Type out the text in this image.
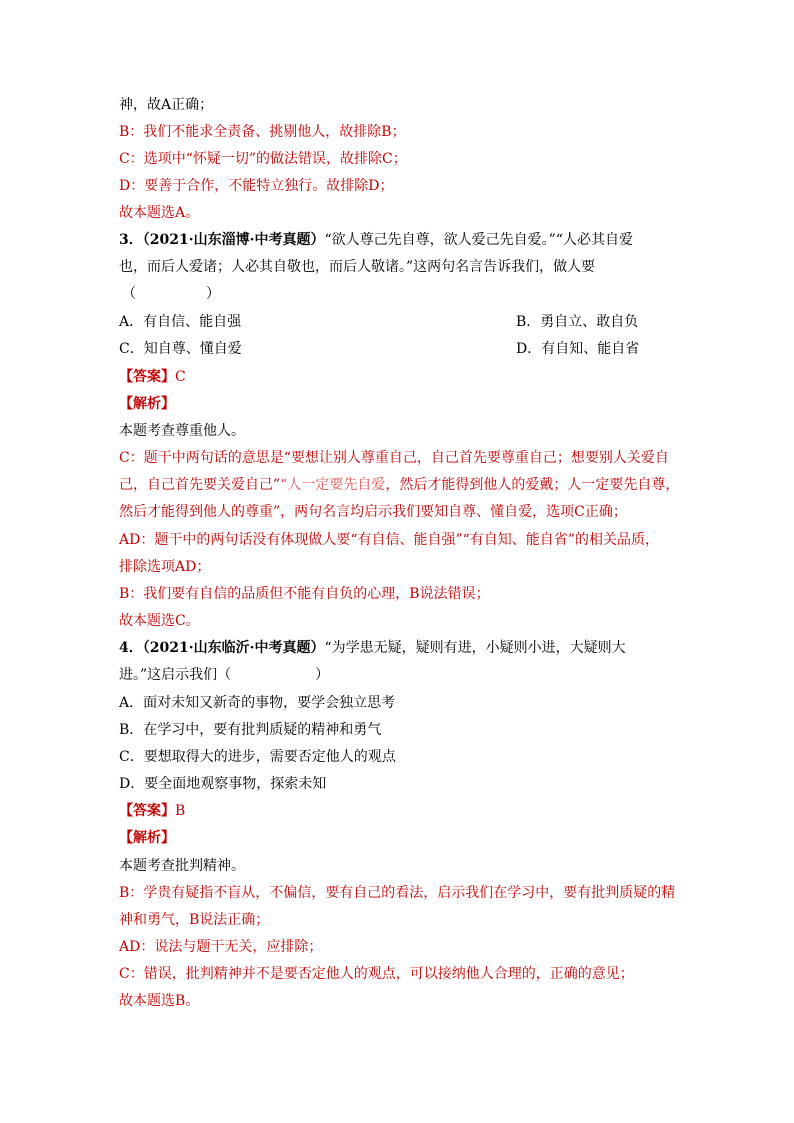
神，故A正确；
B：我们不能求全责备、挑剔他人，故排除B；
C：选项中“怀疑一切”的做法错误，故排除C；
D：要善于合作，不能特立独行。故排除D；
故本题选A。
3．（2021·山东淄博·中考真题）“欲人尊己先自尊，欲人爱己先自爱。”“人必其自爱
也，而后人爱诸；人必其自敬也，而后人敬诸。”这两句名言告诉我们，做人要
（　　　　　）
A．有自信、能自强	B．勇自立、敢自负
C．知自尊、懂自爱	D．有自知、能自省
【答案】C
【解析】
本题考查尊重他人。
C：题干中两句话的意思是“要想让别人尊重自己，自己首先要尊重自己；想要别人关爱自
己，自己首先要关爱自己”“人一定要先自爱，然后才能得到他人的爱戴；人一定要先自尊，
然后才能得到他人的尊重”，两句名言均启示我们要知自尊、懂自爱，选项C正确；
AD：题干中的两句话没有体现做人要“有自信、能自强”“有自知、能自省”的相关品质，
排除选项AD；
B：我们要有自信的品质但不能有自负的心理，B说法错误；
故本题选C。
4．（2021·山东临沂·中考真题）“为学患无疑，疑则有进，小疑则小进，大疑则大
进。”这启示我们（　　　　　　）
A．面对未知又新奇的事物，要学会独立思考
B．在学习中，要有批判质疑的精神和勇气
C．要想取得大的进步，需要否定他人的观点
D．要全面地观察事物，探索未知
【答案】B
【解析】
本题考查批判精神。
B：学贵有疑指不盲从，不偏信，要有自己的看法，启示我们在学习中，要有批判质疑的精
神和勇气，B说法正确；
AD：说法与题干无关，应排除；
C：错误，批判精神并不是要否定他人的观点，可以接纳他人合理的，正确的意见；
故本题选B。
